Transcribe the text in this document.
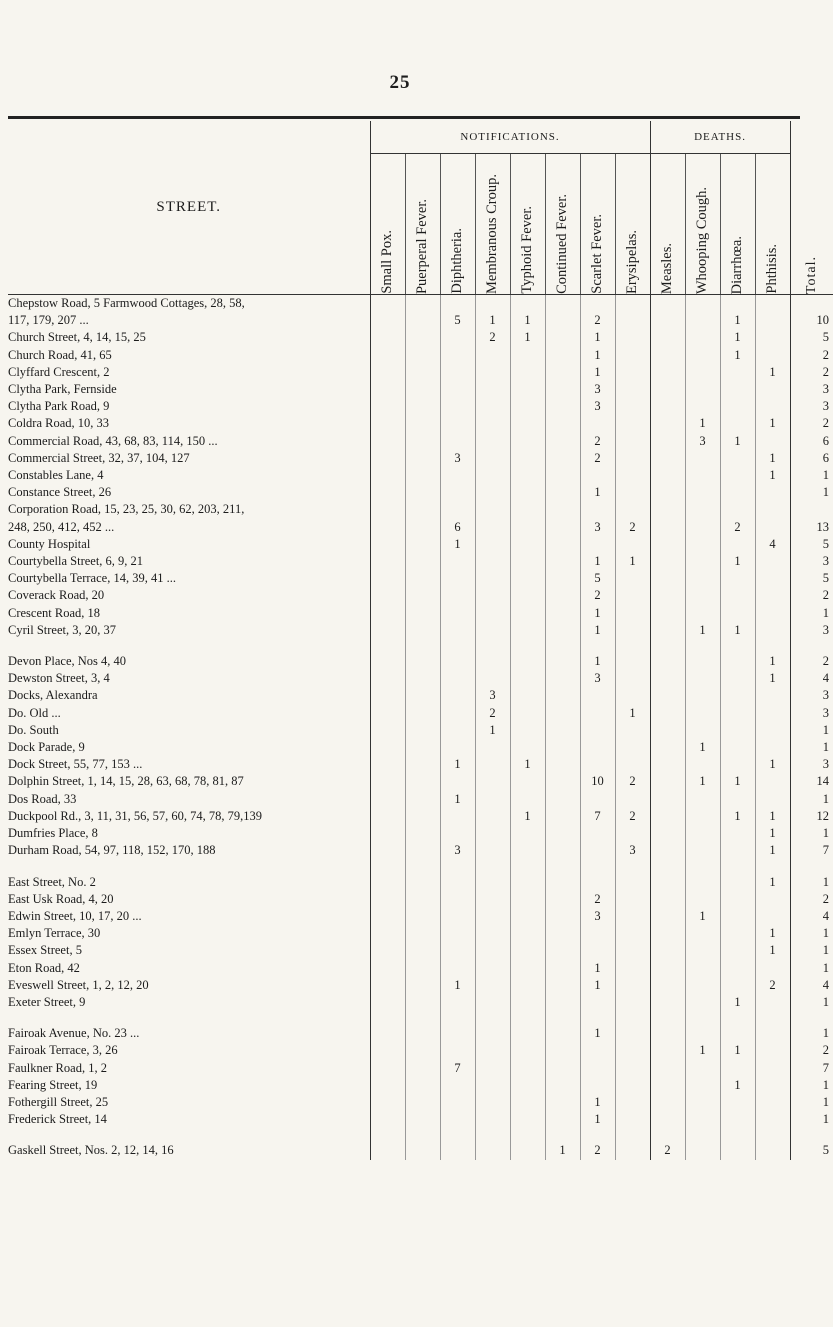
25
STREET.	NOTIFICATIONS.								DEATHS.				Total.

	Small Pox.	Puerperal Fever.	Diphtheria.	Membranous Croup.	Typhoid Fever.	Continued Fever.	Scarlet Fever.	Erysipelas.	Measles.	Whooping Cough.	Diarrhœa.	Phthisis.	

Chepstow Road, 5 Farmwood Cottages, 28, 58,													
117, 179, 207 ...			5	1	1		2				1		10
Church Street, 4, 14, 15, 25				2	1		1				1		5
Church Road, 41, 65							1				1		2
Clyffard Crescent, 2							1					1	2
Clytha Park, Fernside							3						3
Clytha Park Road, 9							3						3
Coldra Road, 10, 33										1		1	2
Commercial Road, 43, 68, 83, 114, 150 ...							2			3	1		6
Commercial Street, 32, 37, 104, 127			3				2					1	6
Constables Lane, 4												1	1
Constance Street, 26							1						1
Corporation Road, 15, 23, 25, 30, 62, 203, 211,													
248, 250, 412, 452 ...			6				3	2			2		13
County Hospital			1									4	5
Courtybella Street, 6, 9, 21							1	1			1		3
Courtybella Terrace, 14, 39, 41 ...							5						5
Coverack Road, 20							2						2
Crescent Road, 18							1						1
Cyril Street, 3, 20, 37							1			1	1		3

Devon Place, Nos 4, 40							1					1	2
Dewston Street, 3, 4							3					1	4
Docks, Alexandra				3									3
Do. Old ...				2				1					3
Do. South				1									1
Dock Parade, 9										1			1
Dock Street, 55, 77, 153 ...			1		1							1	3
Dolphin Street, 1, 14, 15, 28, 63, 68, 78, 81, 87							10	2		1	1		14
Dos Road, 33			1										1
Duckpool Rd., 3, 11, 31, 56, 57, 60, 74, 78, 79,139					1		7	2			1	1	12
Dumfries Place, 8												1	1
Durham Road, 54, 97, 118, 152, 170, 188			3					3				1	7

East Street, No. 2												1	1
East Usk Road, 4, 20							2						2
Edwin Street, 10, 17, 20 ...							3			1			4
Emlyn Terrace, 30												1	1
Essex Street, 5												1	1
Eton Road, 42							1						1
Eveswell Street, 1, 2, 12, 20			1				1					2	4
Exeter Street, 9											1		1

Fairoak Avenue, No. 23 ...							1						1
Fairoak Terrace, 3, 26										1	1		2
Faulkner Road, 1, 2			7										7
Fearing Street, 19											1		1
Fothergill Street, 25							1						1
Frederick Street, 14							1						1

Gaskell Street, Nos. 2, 12, 14, 16						1	2		2				5
